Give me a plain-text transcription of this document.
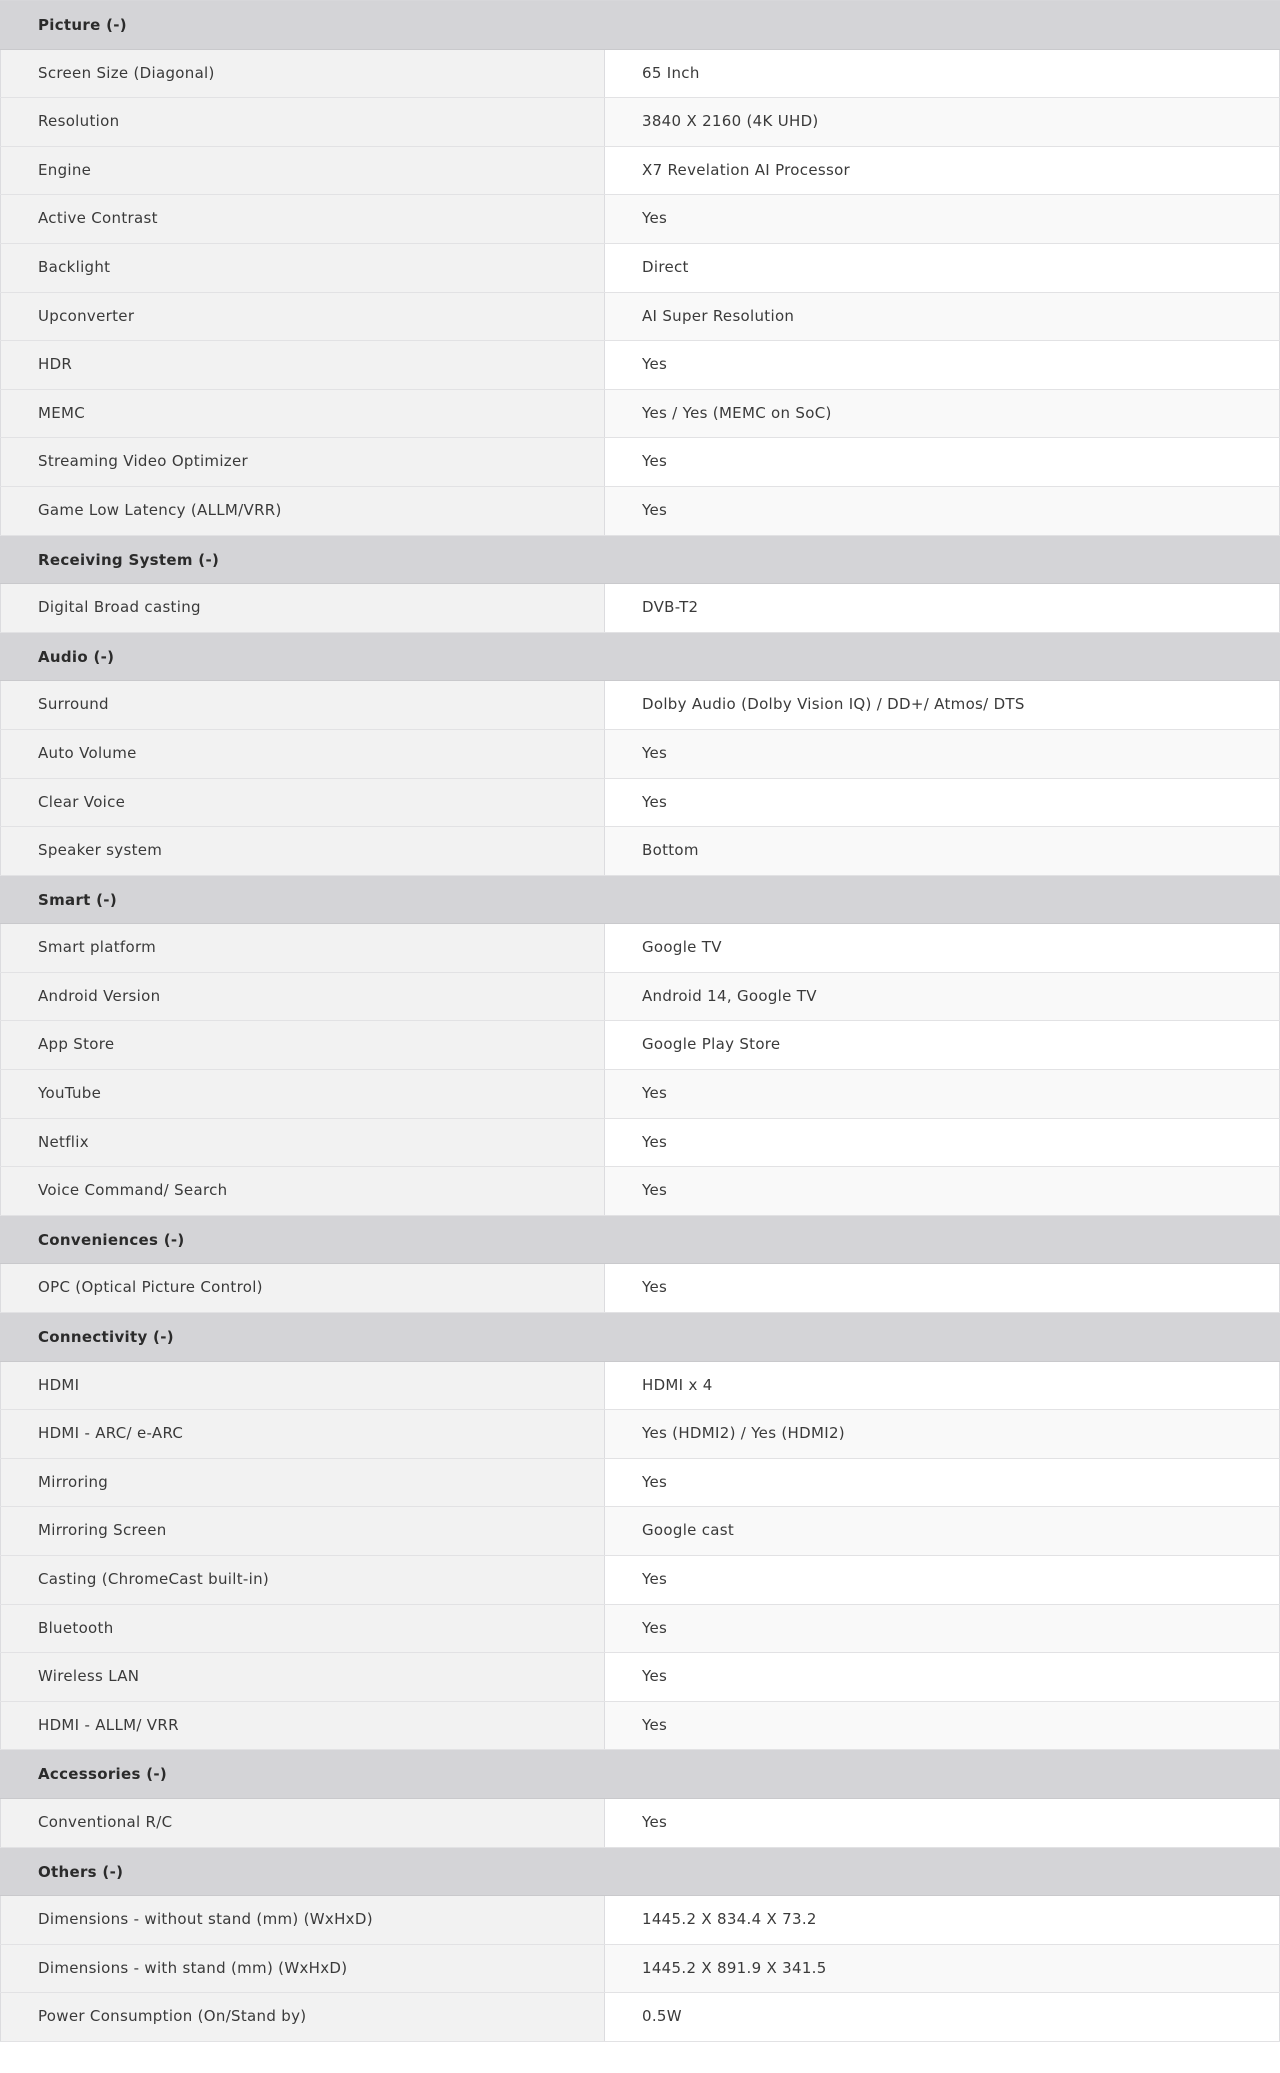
Picture (-)
Screen Size (Diagonal)	65 Inch
Resolution	3840 X 2160 (4K UHD)
Engine	X7 Revelation AI Processor
Active Contrast	Yes
Backlight	Direct
Upconverter	AI Super Resolution
HDR	Yes
MEMC	Yes / Yes (MEMC on SoC)
Streaming Video Optimizer	Yes
Game Low Latency (ALLM/VRR)	Yes
Receiving System (-)
Digital Broad casting	DVB-T2
Audio (-)
Surround	Dolby Audio (Dolby Vision IQ) / DD+/ Atmos/ DTS
Auto Volume	Yes
Clear Voice	Yes
Speaker system	Bottom
Smart (-)
Smart platform	Google TV
Android Version	Android 14, Google TV
App Store	Google Play Store
YouTube	Yes
Netflix	Yes
Voice Command/ Search	Yes
Conveniences (-)
OPC (Optical Picture Control)	Yes
Connectivity (-)
HDMI	HDMI x 4
HDMI - ARC/ e-ARC	Yes (HDMI2) / Yes (HDMI2)
Mirroring	Yes
Mirroring Screen	Google cast
Casting (ChromeCast built-in)	Yes
Bluetooth	Yes
Wireless LAN	Yes
HDMI - ALLM/ VRR	Yes
Accessories (-)
Conventional R/C	Yes
Others (-)
Dimensions - without stand (mm) (WxHxD)	1445.2 X 834.4 X 73.2
Dimensions - with stand (mm) (WxHxD)	1445.2 X 891.9 X 341.5
Power Consumption (On/Stand by)	0.5W
